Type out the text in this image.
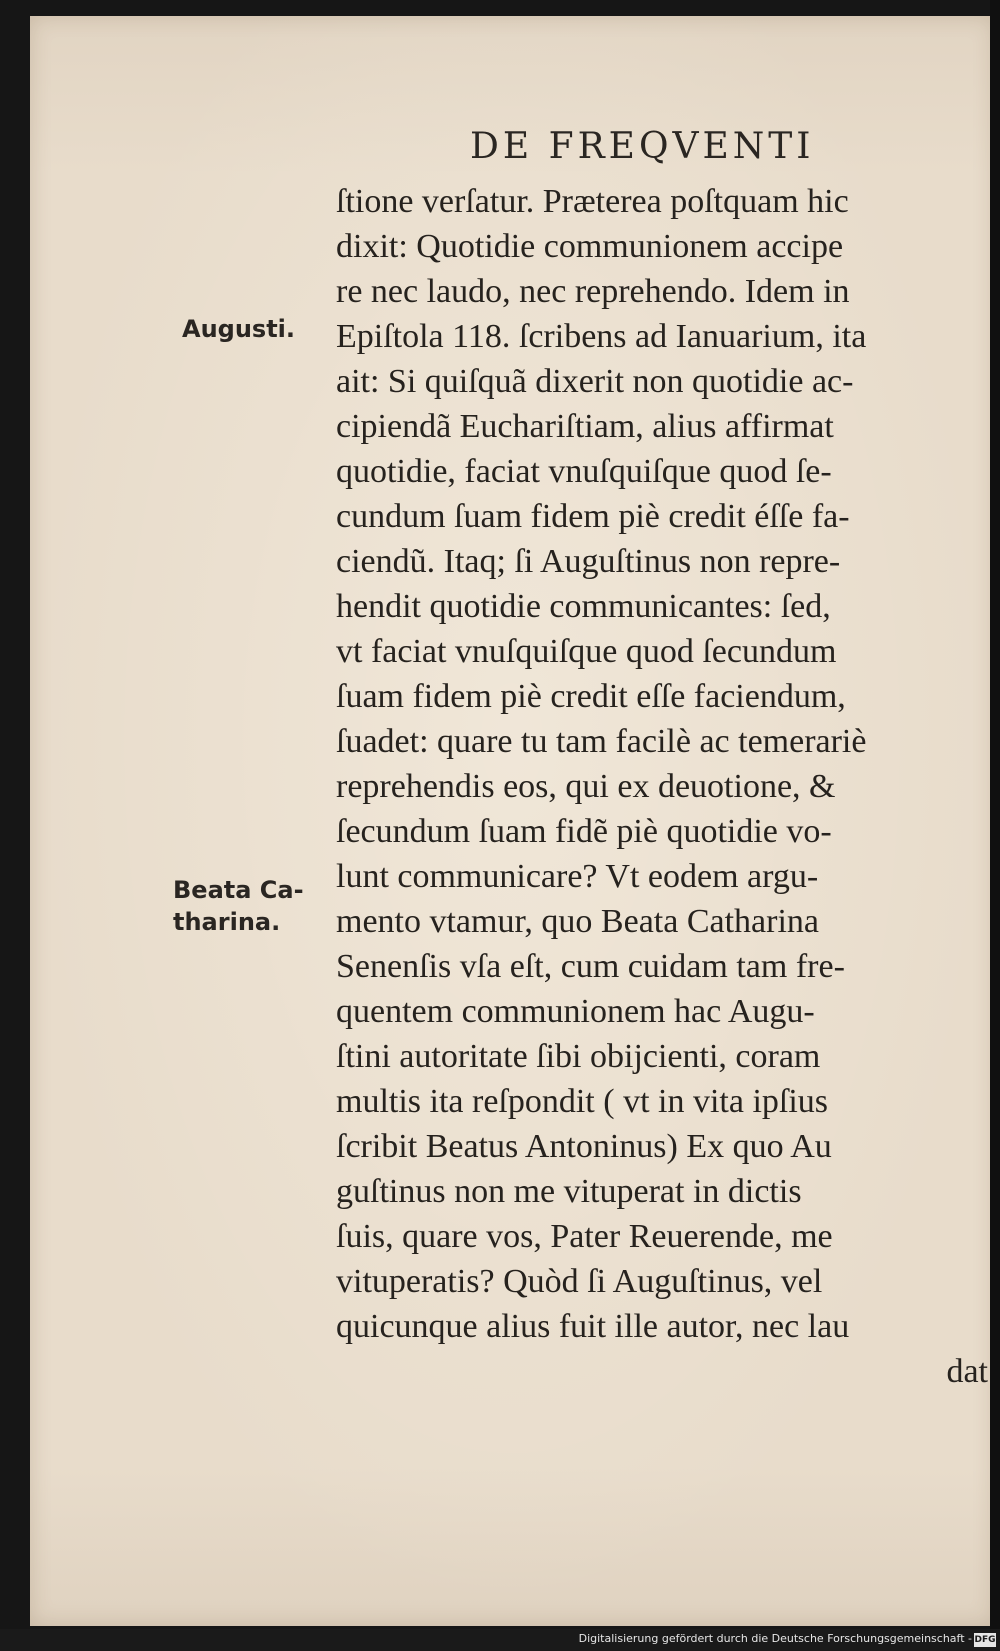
DE FREQVENTI
Augusti.
Beata Ca-
tharina.
ſtione verſatur. Præterea poſtquam hic
dixit: Quotidie communionem accipe
re nec laudo, nec reprehendo. Idem in
Epiſtola 118. ſcribens ad Ianuarium, ita
ait: Si quiſquã dixerit non quotidie ac-
cipiendã Euchariſtiam, alius affirmat
quotidie, faciat vnuſquiſque quod ſe-
cundum ſuam fidem piè credit éſſe fa-
ciendũ. Itaq; ſi Auguſtinus non repre-
hendit quotidie communicantes: ſed,
vt faciat vnuſquiſque quod ſecundum
ſuam fidem piè credit eſſe faciendum,
ſuadet: quare tu tam facilè ac temerariè
reprehendis eos, qui ex deuotione, &
ſecundum ſuam fidẽ piè quotidie vo-
lunt communicare? Vt eodem argu-
mento vtamur, quo Beata Catharina
Senenſis vſa eſt, cum cuidam tam fre-
quentem communionem hac Augu-
ſtini autoritate ſibi obijcienti, coram
multis ita reſpondit ( vt in vita ipſius
ſcribit Beatus Antoninus) Ex quo Au
guſtinus non me vituperat in dictis
ſuis, quare vos, Pater Reuerende, me
vituperatis? Quòd ſi Auguſtinus, vel
quicunque alius fuit ille autor, nec lau
dat
Digitalisierung gefördert durch die Deutsche Forschungsgemeinschaft - DFG
